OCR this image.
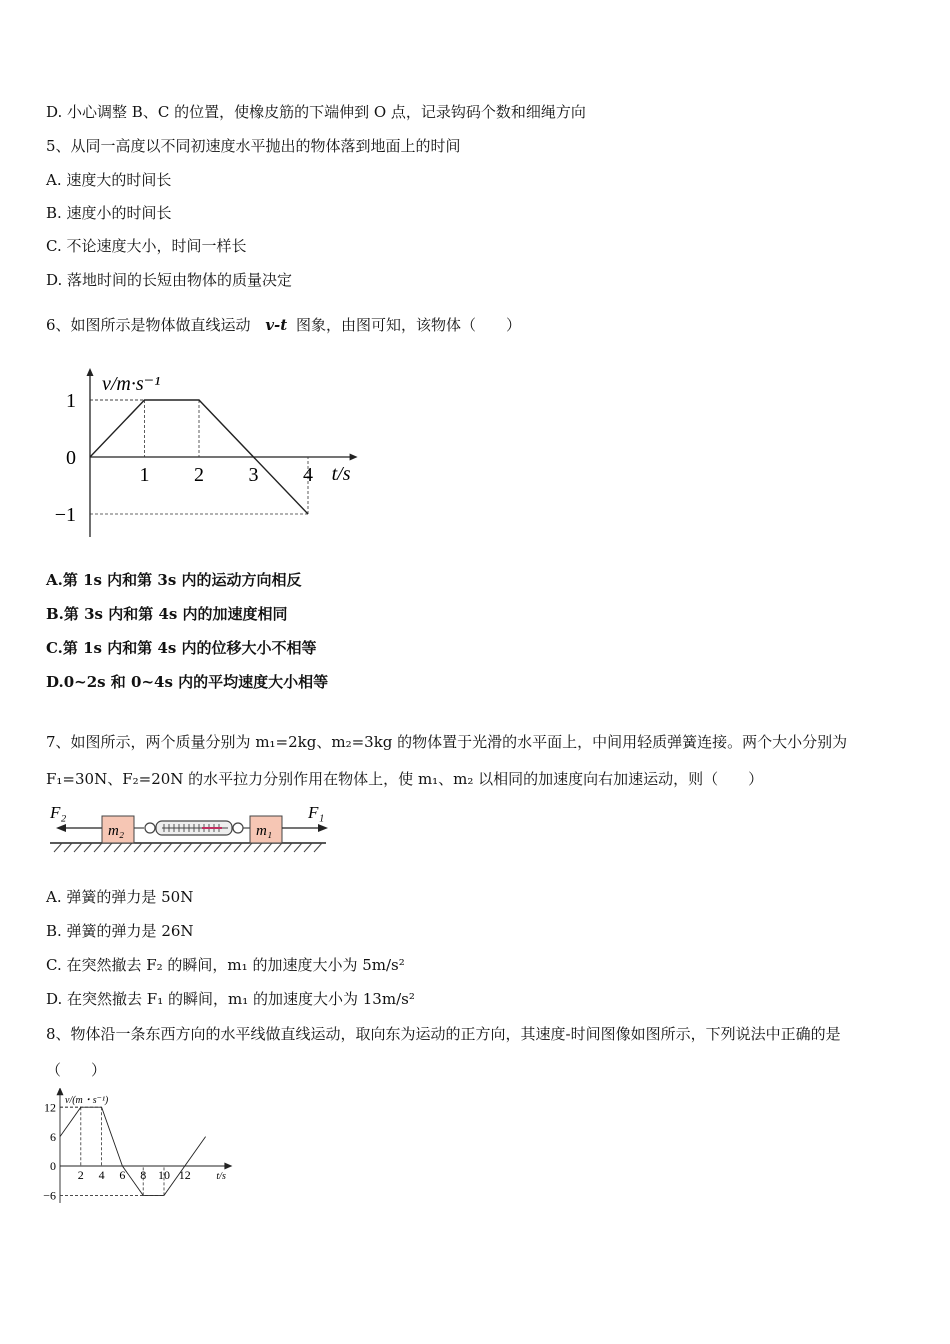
D. 小心调整 B、C 的位置，使橡皮筋的下端伸到 O 点，记录钩码个数和细绳方向
5、从同一高度以不同初速度水平抛出的物体落到地面上的时间
A. 速度大的时间长
B. 速度小的时间长
C. 不论速度大小，时间一样长
D. 落地时间的长短由物体的质量决定
6、如图所示是物体做直线运动 v-t 图象，由图可知，该物体（　　）
1 2 3 4
1
0
−1
v/m·s⁻¹
t/s
A.第 1s 内和第 3s 内的运动方向相反
B.第 3s 内和第 4s 内的加速度相同
C.第 1s 内和第 4s 内的位移大小不相等
D.0~2s 和 0~4s 内的平均速度大小相等
7、如图所示，两个质量分别为 m₁=2kg、m₂=3kg 的物体置于光滑的水平面上，中间用轻质弹簧连接。两个大小分别为
F₁=30N、F₂=20N 的水平拉力分别作用在物体上，使 m₁、m₂ 以相同的加速度向右加速运动，则（　　）
F₂
m₂	m₁
F₁
A. 弹簧的弹力是 50N
B. 弹簧的弹力是 26N
C. 在突然撤去 F₂ 的瞬间，m₁ 的加速度大小为 5m/s²
D. 在突然撤去 F₁ 的瞬间，m₁ 的加速度大小为 13m/s²
8、物体沿一条东西方向的水平线做直线运动，取向东为运动的正方向，其速度-时间图像如图所示，下列说法中正确的是
（　　）
2 4 6 8 10 12
12
6
0
−6
v/(m・s⁻¹)
t/s
